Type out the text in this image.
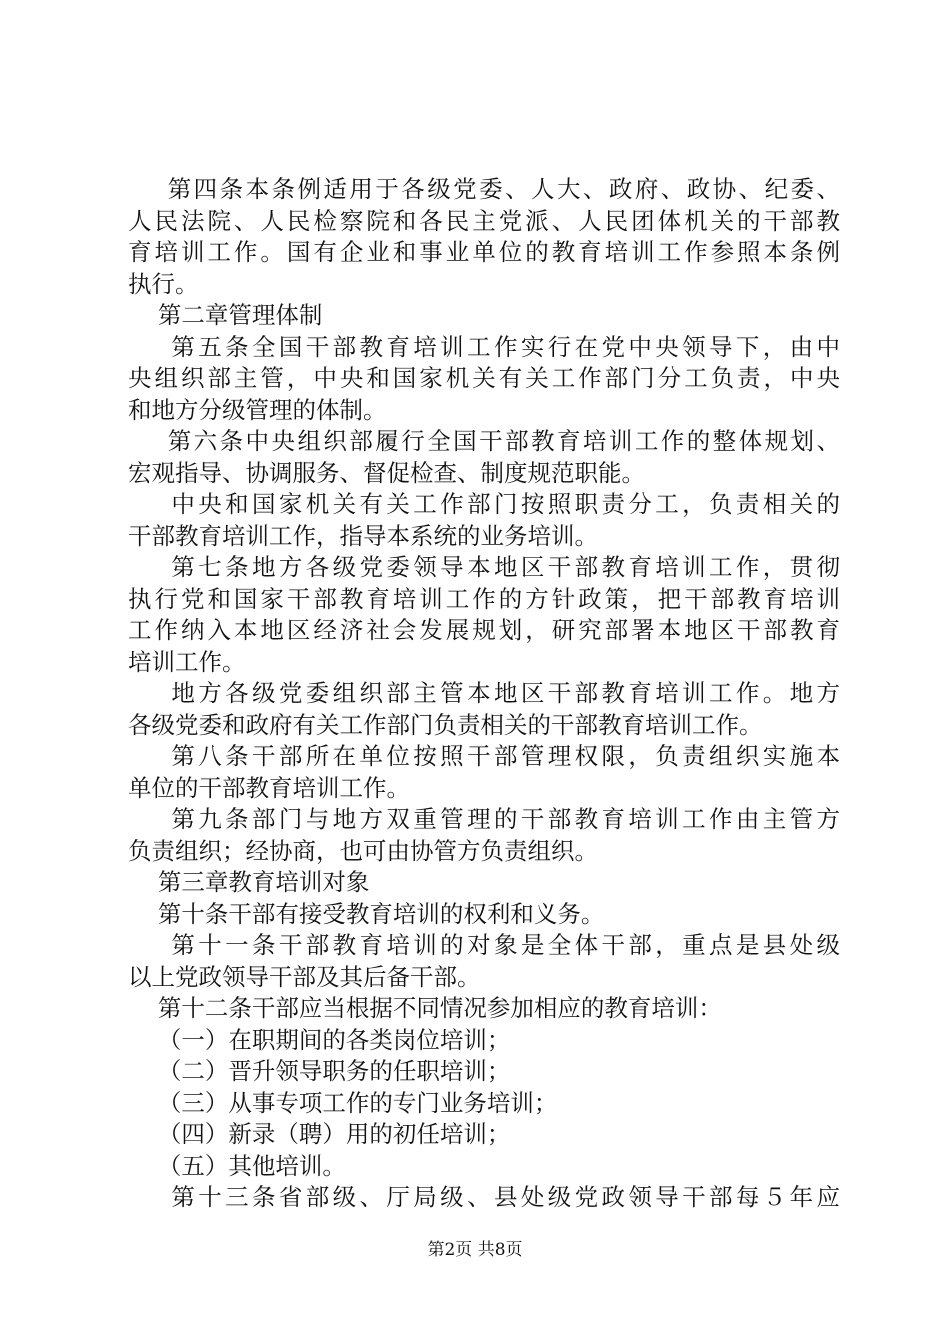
第四条本条例适用于各级党委、人大、政府、政协、纪委、
人民法院、人民检察院和各民主党派、人民团体机关的干部教
育培训工作。国有企业和事业单位的教育培训工作参照本条例
执行。
第二章管理体制
第五条全国干部教育培训工作实行在党中央领导下，由中
央组织部主管，中央和国家机关有关工作部门分工负责，中央
和地方分级管理的体制。
第六条中央组织部履行全国干部教育培训工作的整体规划、
宏观指导、协调服务、督促检查、制度规范职能。
中央和国家机关有关工作部门按照职责分工，负责相关的
干部教育培训工作，指导本系统的业务培训。
第七条地方各级党委领导本地区干部教育培训工作，贯彻
执行党和国家干部教育培训工作的方针政策，把干部教育培训
工作纳入本地区经济社会发展规划，研究部署本地区干部教育
培训工作。
地方各级党委组织部主管本地区干部教育培训工作。地方
各级党委和政府有关工作部门负责相关的干部教育培训工作。
第八条干部所在单位按照干部管理权限，负责组织实施本
单位的干部教育培训工作。
第九条部门与地方双重管理的干部教育培训工作由主管方
负责组织；经协商，也可由协管方负责组织。
第三章教育培训对象
第十条干部有接受教育培训的权利和义务。
第十一条干部教育培训的对象是全体干部，重点是县处级
以上党政领导干部及其后备干部。
第十二条干部应当根据不同情况参加相应的教育培训：
（一）在职期间的各类岗位培训；
（二）晋升领导职务的任职培训；
（三）从事专项工作的专门业务培训；
（四）新录（聘）用的初任培训；
（五）其他培训。
第十三条省部级、厅局级、县处级党政领导干部每５年应
第2页 共8页
